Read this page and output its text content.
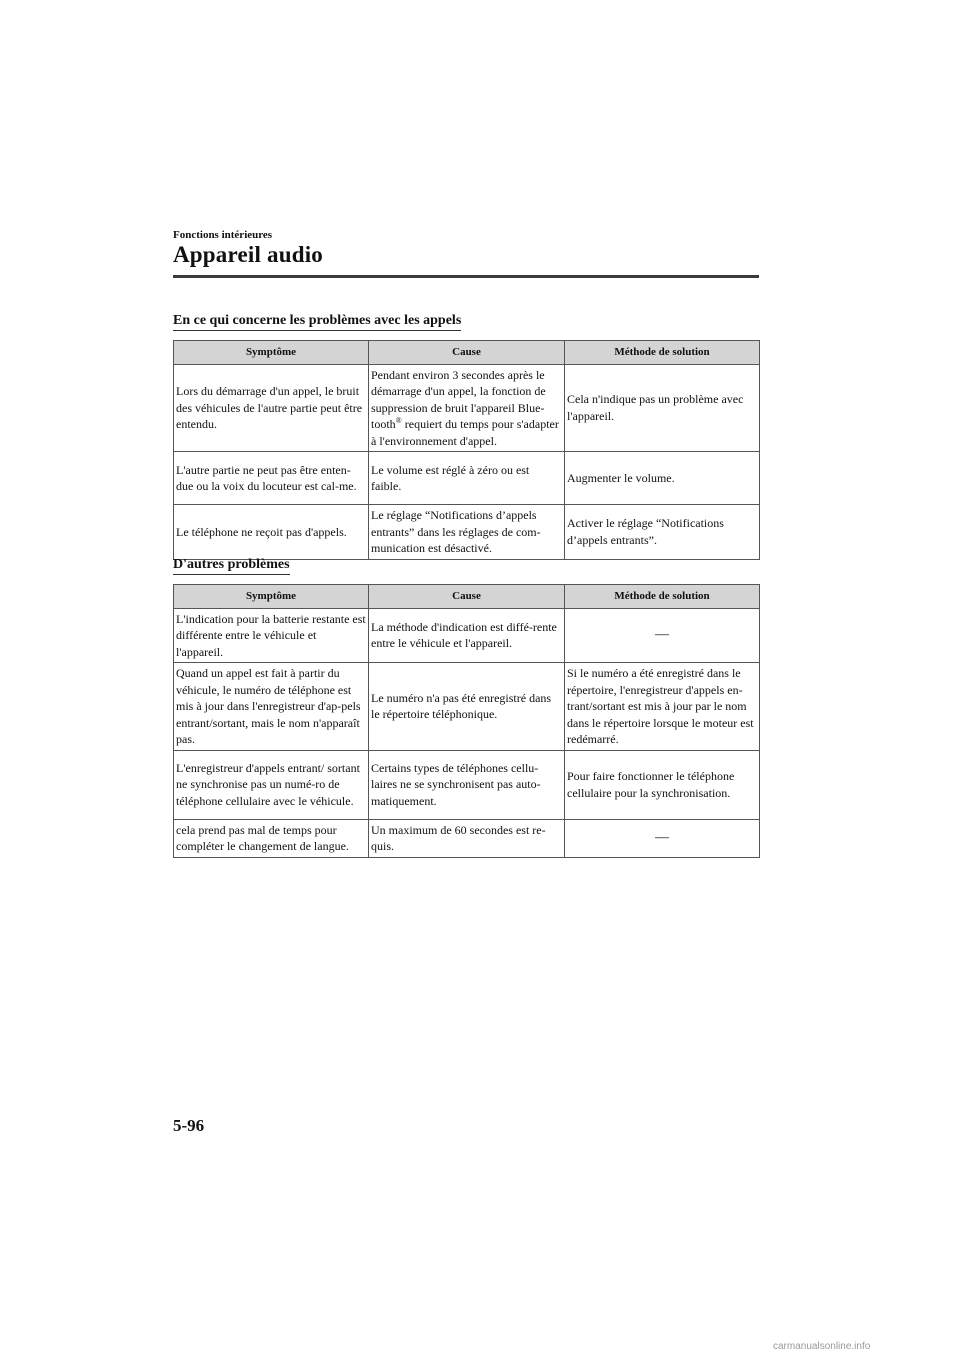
Fonctions intérieures
Appareil audio
En ce qui concerne les problèmes avec les appels
Symptôme	Cause	Méthode de solution
Lors du démarrage d'un appel, le bruit des véhicules de l'autre partie peut être entendu.	Pendant environ 3 secondes après le démarrage d'un appel, la fonction de suppression de bruit l'appareil Blue-tooth® requiert du temps pour s'adapter à l'environnement d'appel.	Cela n'indique pas un problème avec l'appareil.
L'autre partie ne peut pas être enten-due ou la voix du locuteur est cal-me.	Le volume est réglé à zéro ou est faible.	Augmenter le volume.
Le téléphone ne reçoit pas d'appels.	Le réglage “Notifications d’appels entrants” dans les réglages de com-munication est désactivé.	Activer le réglage “Notifications d’appels entrants”.
D'autres problèmes
Symptôme	Cause	Méthode de solution
L'indication pour la batterie restante est différente entre le véhicule et l'appareil.	La méthode d'indication est diffé-rente entre le véhicule et l'appareil.	―
Quand un appel est fait à partir du véhicule, le numéro de téléphone est mis à jour dans l'enregistreur d'ap-pels entrant/sortant, mais le nom n'apparaît pas.	Le numéro n'a pas été enregistré dans le répertoire téléphonique.	Si le numéro a été enregistré dans le répertoire, l'enregistreur d'appels en-trant/sortant est mis à jour par le nom dans le répertoire lorsque le moteur est redémarré.
L'enregistreur d'appels entrant/ sortant ne synchronise pas un numé-ro de téléphone cellulaire avec le véhicule.	Certains types de téléphones cellu-laires ne se synchronisent pas auto-matiquement.	Pour faire fonctionner le téléphone cellulaire pour la synchronisation.
cela prend pas mal de temps pour compléter le changement de langue.	Un maximum de 60 secondes est re-quis.	―
5-96
carmanualsonline.info
